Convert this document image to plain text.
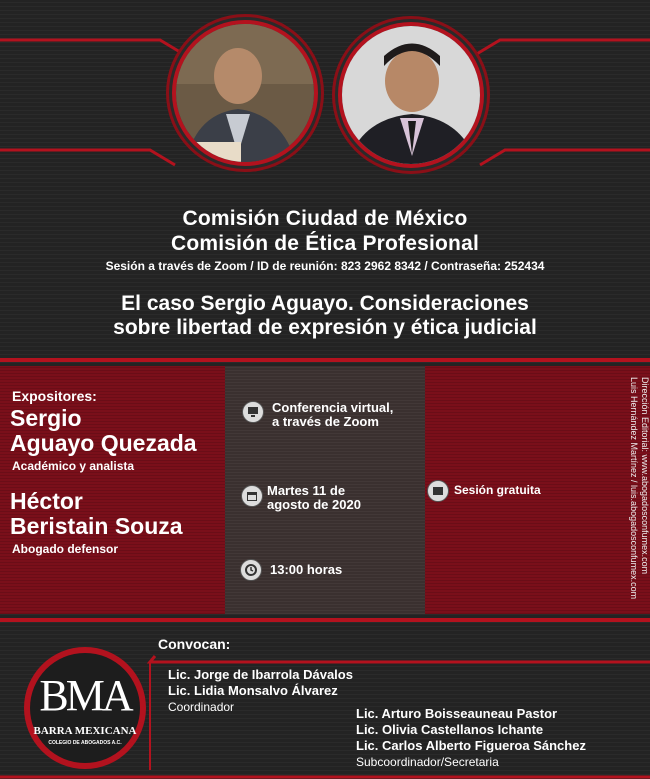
Comisión Ciudad de México
Comisión de Ética Profesional
Sesión a través de Zoom / ID de reunión: 823 2962 8342 / Contraseña: 252434
El caso Sergio Aguayo. Consideraciones
sobre libertad de expresión y ética judicial
Expositores:
Sergio
Aguayo Quezada
Académico y analista
Héctor
Beristain Souza
Abogado defensor
Conferencia virtual,
a través de Zoom
Martes 11 de
agosto de 2020
13:00 horas
Sesión gratuita	Dirección Editorial: www.abogadosconfumex.com
Luis Hernández Martínez / luis.abogadosconfumex.com
Convocan:
BMA
BARRA MEXICANA
COLEGIO DE ABOGADOS A.C.
Lic. Jorge de Ibarrola Dávalos
Lic. Lidia Monsalvo Álvarez
Coordinador	Lic. Arturo Boisseauneau Pastor
Lic. Olivia Castellanos Ichante
Lic. Carlos Alberto Figueroa Sánchez
Subcoordinador/Secretaria
